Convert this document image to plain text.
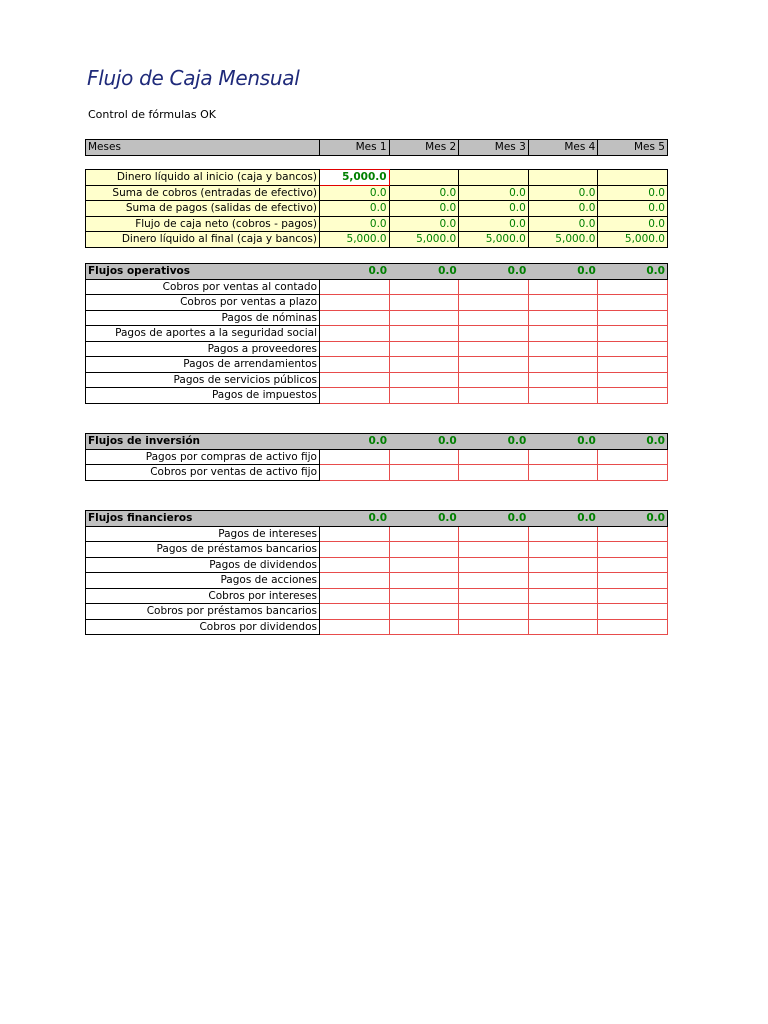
Flujo de Caja Mensual
Control de fórmulas OK
Meses	Mes 1	Mes 2	Mes 3	Mes 4	Mes 5
Dinero líquido al inicio (caja y bancos)	5,000.0				
Suma de cobros (entradas de efectivo)	0.0	0.0	0.0	0.0	0.0
Suma de pagos (salidas de efectivo)	0.0	0.0	0.0	0.0	0.0
Flujo de caja neto (cobros - pagos)	0.0	0.0	0.0	0.0	0.0
Dinero líquido al final (caja y bancos)	5,000.0	5,000.0	5,000.0	5,000.0	5,000.0
Flujos operativos	0.0	0.0	0.0	0.0	0.0
Cobros por ventas al contado					
Cobros por ventas a plazo					
Pagos de nóminas					
Pagos de aportes a la seguridad social					
Pagos a proveedores					
Pagos de arrendamientos					
Pagos de servicios públicos					
Pagos de impuestos					
Flujos de inversión	0.0	0.0	0.0	0.0	0.0
Pagos por compras de activo fijo					
Cobros por ventas de activo fijo					
Flujos financieros	0.0	0.0	0.0	0.0	0.0
Pagos de intereses					
Pagos de préstamos bancarios					
Pagos de dividendos					
Pagos de acciones					
Cobros por intereses					
Cobros por préstamos bancarios					
Cobros por dividendos					
